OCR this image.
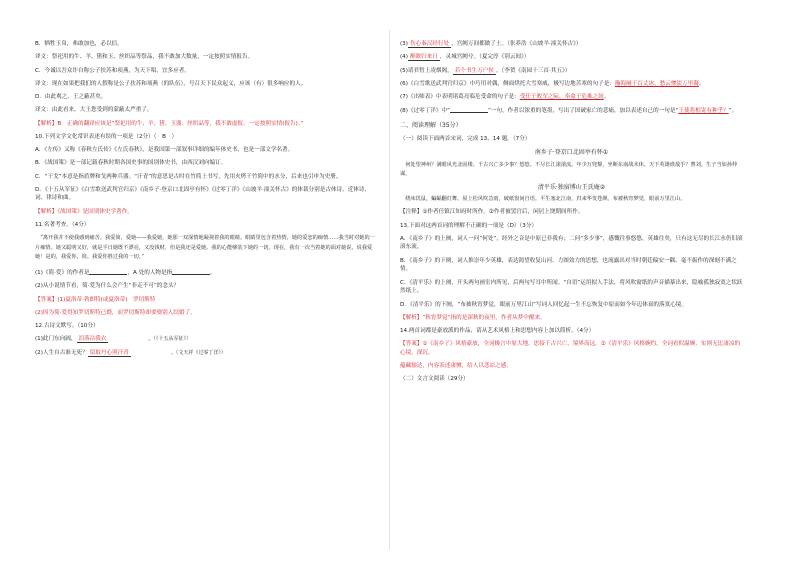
B．牺牲玉帛，弗敢加也，必以信。

译文：祭祀用的牛、羊、猪和玉、丝织品等祭品，我不敢加大数量，一定按照实情报告。

C．今诚以吾众诈自称公子扶苏和项燕，为天下唱，宜多应者。

译文：现在如果把我们的人假称是公子扶苏和项燕（的队伍），号召天下民众起义，应该（有）很多响应的人。

D．由此观之，王之蔽甚矣。

译文：由此看来，大王您受到的蒙蔽太严重了。

【解析】B　正确的翻译应该是“祭祀用的牛、羊、猪、玉器、丝织品等，我不敢虚报，一定按照实情(报告)。”

10.下列文学文化常识表述有误的一项是（2分）（　B　）

A．《左传》又称《春秋左氏传》《左氏春秋》，是我国第一部叙事详细的编年体史书，也是一部文学名著。

B．《战国策》是一部记载春秋时期各国史事的国别体史书，由西汉刘向编订。

C．“干戈”本意是指盾牌和戈两种兵器。“汗青”的意思是古时在竹简上书写，先用火烤干竹简中的水分，后来也引申为史册。

D．《十五从军征》《白雪歌送武判官归京》《南乡子·登京口北固亭有怀》《过零丁洋》《山坡羊·潼关怀古》的体裁分别是古体诗、近体诗、词、律诗和曲。

【解析】《战国策》是国别体史学著作。

11.名著考查。（4分）

“离开我并不使我感到痛苦。我爱简，爱她——我爱她，她那一双深情地凝视着我的眼睛。眼睛里包含着热情，她的爱恋的痴情……我当时对她的一片痴情。她又聪明又好，就是平日她既不漂亮，又没钱财，但是我还是爱她。我的心能够装下她的一切。现在，我有一次当着她的面对她说，说我爱她！是的，我爱你，简。我爱你胜过我的一切。”

(1)《简·爱》的作者是	，A 处的人物是指	。

(2)从小说情节看，简·爱为什么会产生“非走不可”的念头？

【答案】(1)夏洛蒂·勃朗特(或夏洛蒂)　罗切斯特

(2)因为简·爱得知罗切斯特已婚，而罗切斯特却要娶别人结婚了。

12.古诗文默写。（10分）

(1)此门东向阔， 泪落沾我衣	。（《十五从军征》）

(2)人生自古谁无死？ 留取丹心照汗青	。（文天祥《过零丁洋》）

(3) 伤心秦汉经行处 ，宫阙万间都做了土。（张养浩《山坡羊·潼关怀古》）

(4) 醉眠归来日 ，灵城宫阙兮。（夏完淳《别云间》）

(5)请君暂上凌烟阁， 若个书生万户侯 。（李贺《南园十三首·其五》）

(6)《白雪歌送武判官归京》中巧用对偶，侧面烘托大雪寒威，极写边地苦寒的句子是：瀚海阑干百丈冰，愁云惨淡万里凝。

(7)《出师表》中表明诸葛亮临危受命的句子是：受任于败军之际，奉命于危难之间。

(8)《过零丁洋》中“	”一句，作者以浓重的笔墨，写出了国破家亡的悲痛，加以表述自己的一句是“王使将相寄有种乎？”。

二、阅读理解（35分）

（一）阅读下面两首宋词，完成 13、14 题。（7分）

南乡子·登京口北固亭有怀①

何处望神州？满眼风光北固楼。千古兴亡多少事？悠悠。不尽长江滚滚流。年少万兜鍪，坐断东南战未休。天下英雄谁敌手？曹刘。生子当如孙仲谋。

清平乐·独宿博山王氏庵②

绕床饥鼠，蝙蝠翻灯舞。屋上松风吹急雨，破纸窗间自语。平生塞北江南，归来华发苍颜。布被秋宵梦觉，眼前万里江山。

【注释】①作者任镇江知府时所作。②作者被罢官后，闲居上饶期间所作。

13.下面对这两首词的理解不正确的一项是（D）（3分）

A．《南乡子》的上阕，词人一问“何处”，经外之音是中原已非我有；二问“多少事”，感慨往事悠悠，英雄往矣，只有这无尽的长江水仍旧滚滚东流。

B．《南乡子》的下阕，词人推崇年少英雄，表达渴望收复山河、力图效力的思想，也流露出对当时朝廷偏安一隅、毫不振作的深刻不满之情。

C．《清平乐》的上阕，开头两句画室内所见，后两句写耳中所闻。“自语”运用拟人手法，将风吹窗纸的声音描摹出来，隐喻孤独寂寞之状跃然纸上。

D．《清平乐》的下阕，“布被秋宵梦觉，眼前万里江山”写词人回忆起一生不忘恢复中原而如今年迈体衰的落寞心境。

【解析】“秋宵梦觉”指的是深秋的夜里，作者从梦中醒来。

14.两首词都是豪放派的作品，请从艺术风格上和思想内容上加以简析。（4分）

【答案】①《南乡子》风格豪放，全词极言中原大地，思接千古兴亡，境界高远。②《清平乐》风格婉约，全词看似温婉，实则无比凄凉的心境，深沉。

蕴藏豁达，内容表述凄恻，给人以悲凉之感。

（二）文言文阅读（29分）
